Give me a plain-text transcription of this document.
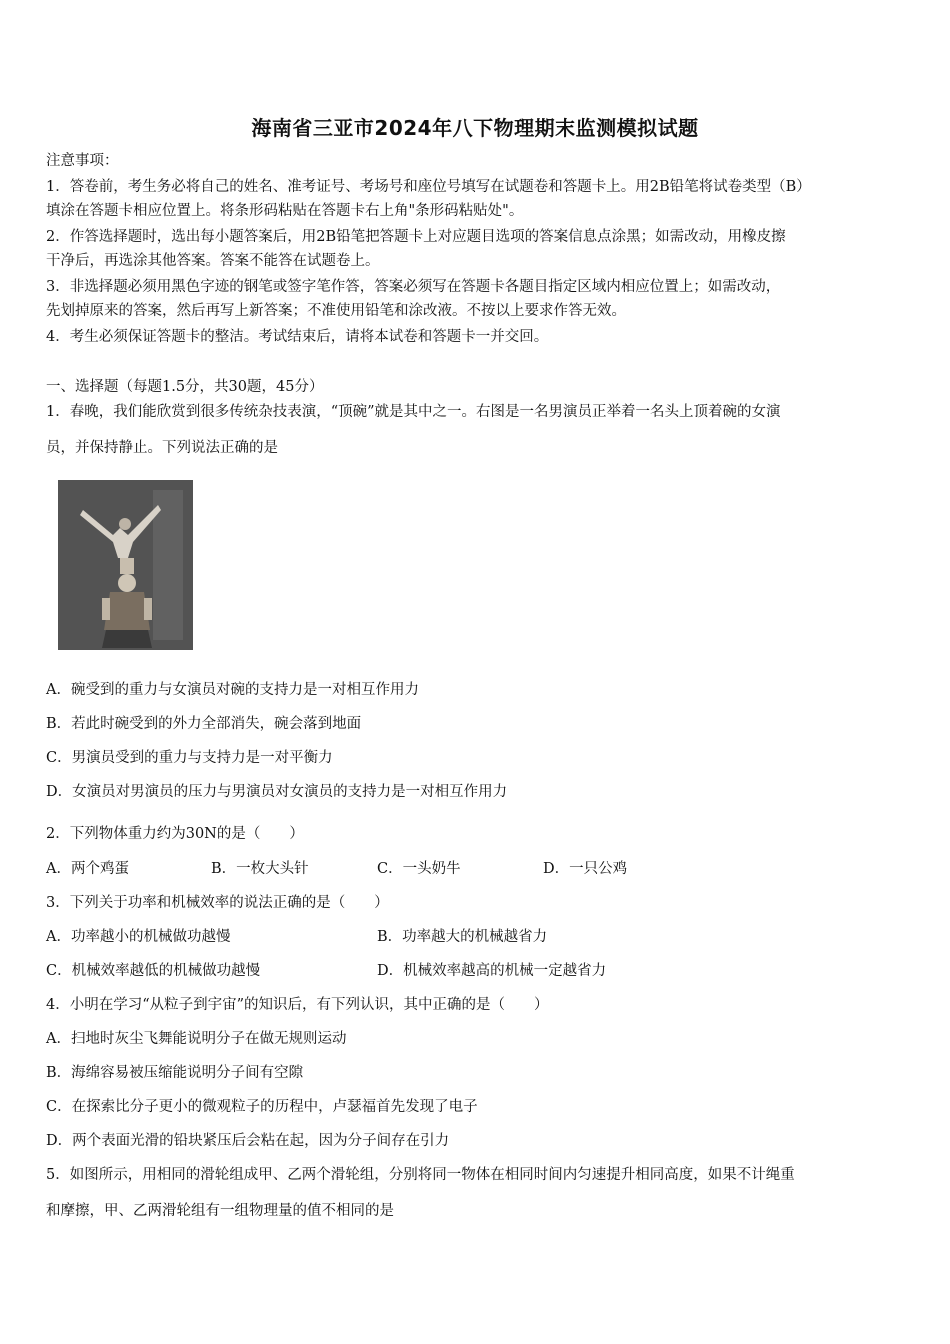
海南省三亚市2024年八下物理期末监测模拟试题
注意事项：
1．答卷前，考生务必将自己的姓名、准考证号、考场号和座位号填写在试题卷和答题卡上。用2B铅笔将试卷类型（B）
填涂在答题卡相应位置上。将条形码粘贴在答题卡右上角"条形码粘贴处"。
2．作答选择题时，选出每小题答案后，用2B铅笔把答题卡上对应题目选项的答案信息点涂黑；如需改动，用橡皮擦
干净后，再选涂其他答案。答案不能答在试题卷上。
3．非选择题必须用黑色字迹的钢笔或签字笔作答，答案必须写在答题卡各题目指定区域内相应位置上；如需改动，
先划掉原来的答案，然后再写上新答案；不准使用铅笔和涂改液。不按以上要求作答无效。
4．考生必须保证答题卡的整洁。考试结束后，请将本试卷和答题卡一并交回。
一、选择题（每题1.5分，共30题，45分）
1．春晚，我们能欣赏到很多传统杂技表演，“顶碗”就是其中之一。右图是一名男演员正举着一名头上顶着碗的女演
员，并保持静止。下列说法正确的是
A．碗受到的重力与女演员对碗的支持力是一对相互作用力
B．若此时碗受到的外力全部消失，碗会落到地面
C．男演员受到的重力与支持力是一对平衡力
D．女演员对男演员的压力与男演员对女演员的支持力是一对相互作用力
2．下列物体重力约为30N的是（　　）
A．两个鸡蛋	B．一枚大头针	C．一头奶牛	D．一只公鸡
3．下列关于功率和机械效率的说法正确的是（　　）
A．功率越小的机械做功越慢	B．功率越大的机械越省力
C．机械效率越低的机械做功越慢	D．机械效率越高的机械一定越省力
4．小明在学习“从粒子到宇宙”的知识后，有下列认识，其中正确的是（　　）
A．扫地时灰尘飞舞能说明分子在做无规则运动
B．海绵容易被压缩能说明分子间有空隙
C．在探索比分子更小的微观粒子的历程中，卢瑟福首先发现了电子
D．两个表面光滑的铅块紧压后会粘在起，因为分子间存在引力
5．如图所示，用相同的滑轮组成甲、乙两个滑轮组，分别将同一物体在相同时间内匀速提升相同高度，如果不计绳重
和摩擦，甲、乙两滑轮组有一组物理量的值不相同的是
